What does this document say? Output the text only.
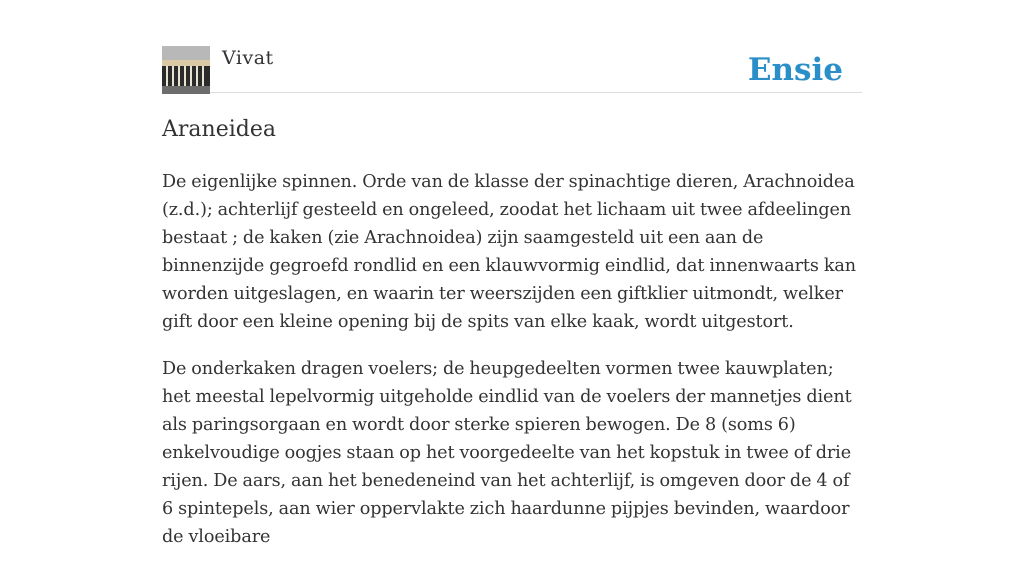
Vivat	Ensie
Araneidea

De eigenlijke spinnen. Orde van de klasse der spinachtige dieren, Arachnoidea (z.d.); achterlijf gesteeld en ongeleed, zoodat het lichaam uit twee afdeelingen bestaat ; de kaken (zie Arachnoidea) zijn saamgesteld uit een aan de binnenzijde gegroefd rondlid en een klauwvormig eindlid, dat innenwaarts kan worden uitgeslagen, en waarin ter weerszijden een giftklier uitmondt, welker gift door een kleine opening bij de spits van elke kaak, wordt uitgestort.

De onderkaken dragen voelers; de heupgedeelten vormen twee kauwplaten; het meestal lepelvormig uitgeholde eindlid van de voelers der mannetjes dient als paringsorgaan en wordt door sterke spieren bewogen. De 8 (soms 6) enkelvoudige oogjes staan op het voorgedeelte van het kopstuk in twee of drie rijen. De aars, aan het benedeneind van het achterlijf, is omgeven door de 4 of 6 spintepels, aan wier oppervlakte zich haardunne pijpjes bevinden, waardoor de vloeibare
